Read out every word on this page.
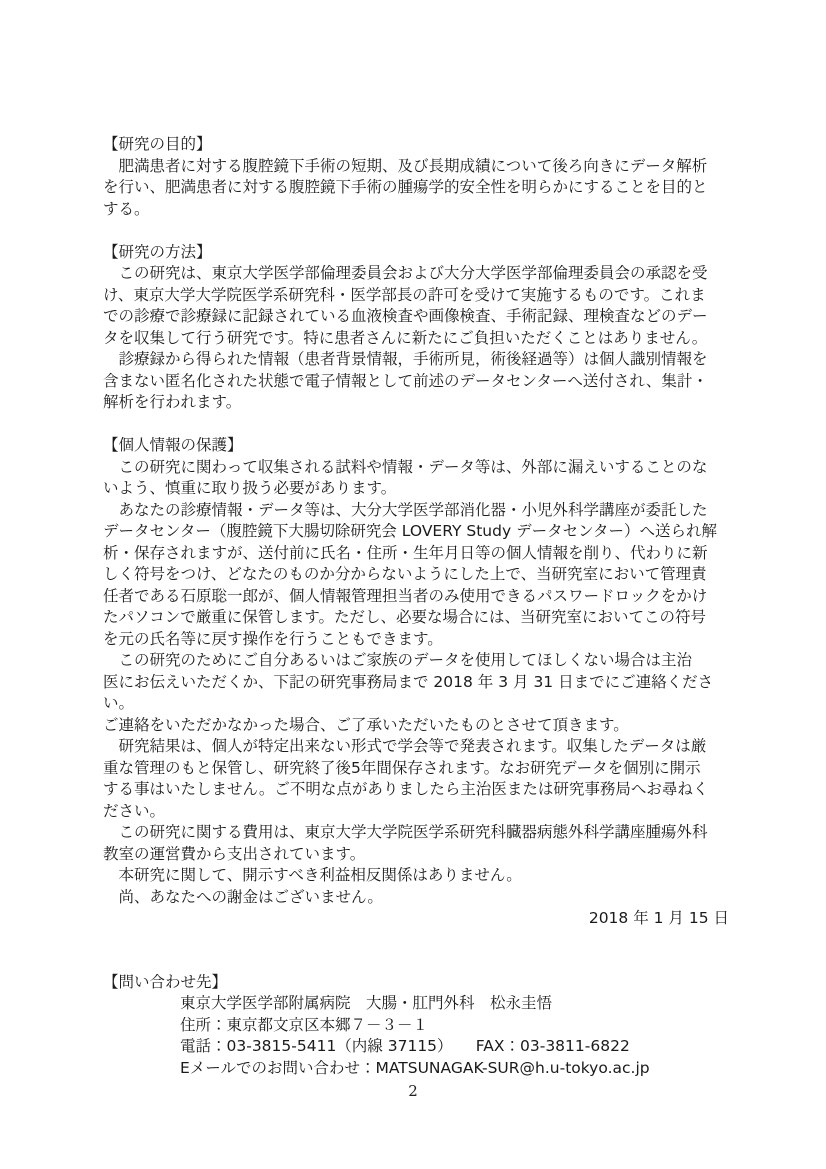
【研究の目的】
　肥満患者に対する腹腔鏡下手術の短期、及び長期成績について後ろ向きにデータ解析
を行い、肥満患者に対する腹腔鏡下手術の腫瘍学的安全性を明らかにすることを目的と
する。
【研究の方法】
　この研究は、東京大学医学部倫理委員会および大分大学医学部倫理委員会の承認を受
け、東京大学大学院医学系研究科・医学部長の許可を受けて実施するものです。これま
での診療で診療録に記録されている血液検査や画像検査、手術記録、理検査などのデー
タを収集して行う研究です。特に患者さんに新たにご負担いただくことはありません。
　診療録から得られた情報（患者背景情報，手術所見，術後経過等）は個人識別情報を
含まない匿名化された状態で電子情報として前述のデータセンターへ送付され、集計・
解析を行われます。
【個人情報の保護】
　この研究に関わって収集される試料や情報・データ等は、外部に漏えいすることのな
いよう、慎重に取り扱う必要があります。
　あなたの診療情報・データ等は、大分大学医学部消化器・小児外科学講座が委託した
データセンター（腹腔鏡下大腸切除研究会 LOVERY Study データセンター）へ送られ解
析・保存されますが、送付前に氏名・住所・生年月日等の個人情報を削り、代わりに新
しく符号をつけ、どなたのものか分からないようにした上で、当研究室において管理責
任者である石原聡一郎が、個人情報管理担当者のみ使用できるパスワードロックをかけ
たパソコンで厳重に保管します。ただし、必要な場合には、当研究室においてこの符号
を元の氏名等に戻す操作を行うこともできます。
　この研究のためにご自分あるいはご家族のデータを使用してほしくない場合は主治
医にお伝えいただくか、下記の研究事務局まで 2018 年 3 月 31 日までにご連絡ください。
ご連絡をいただかなかった場合、ご了承いただいたものとさせて頂きます。
　研究結果は、個人が特定出来ない形式で学会等で発表されます。収集したデータは厳
重な管理のもと保管し、研究終了後5年間保存されます。なお研究データを個別に開示
する事はいたしません。ご不明な点がありましたら主治医または研究事務局へお尋ねく
ださい。
　この研究に関する費用は、東京大学大学院医学系研究科臓器病態外科学講座腫瘍外科
教室の運営費から支出されています。
　本研究に関して、開示すべき利益相反関係はありません。
　尚、あなたへの謝金はございません。
2018 年 1 月 15 日
【問い合わせ先】
東京大学医学部附属病院　大腸・肛門外科　松永圭悟
住所：東京都文京区本郷７－３－１
電話：03-3815-5411（内線 37115）　　FAX：03-3811-6822
Eメールでのお問い合わせ：MATSUNAGAK-SUR@h.u-tokyo.ac.jp
2
